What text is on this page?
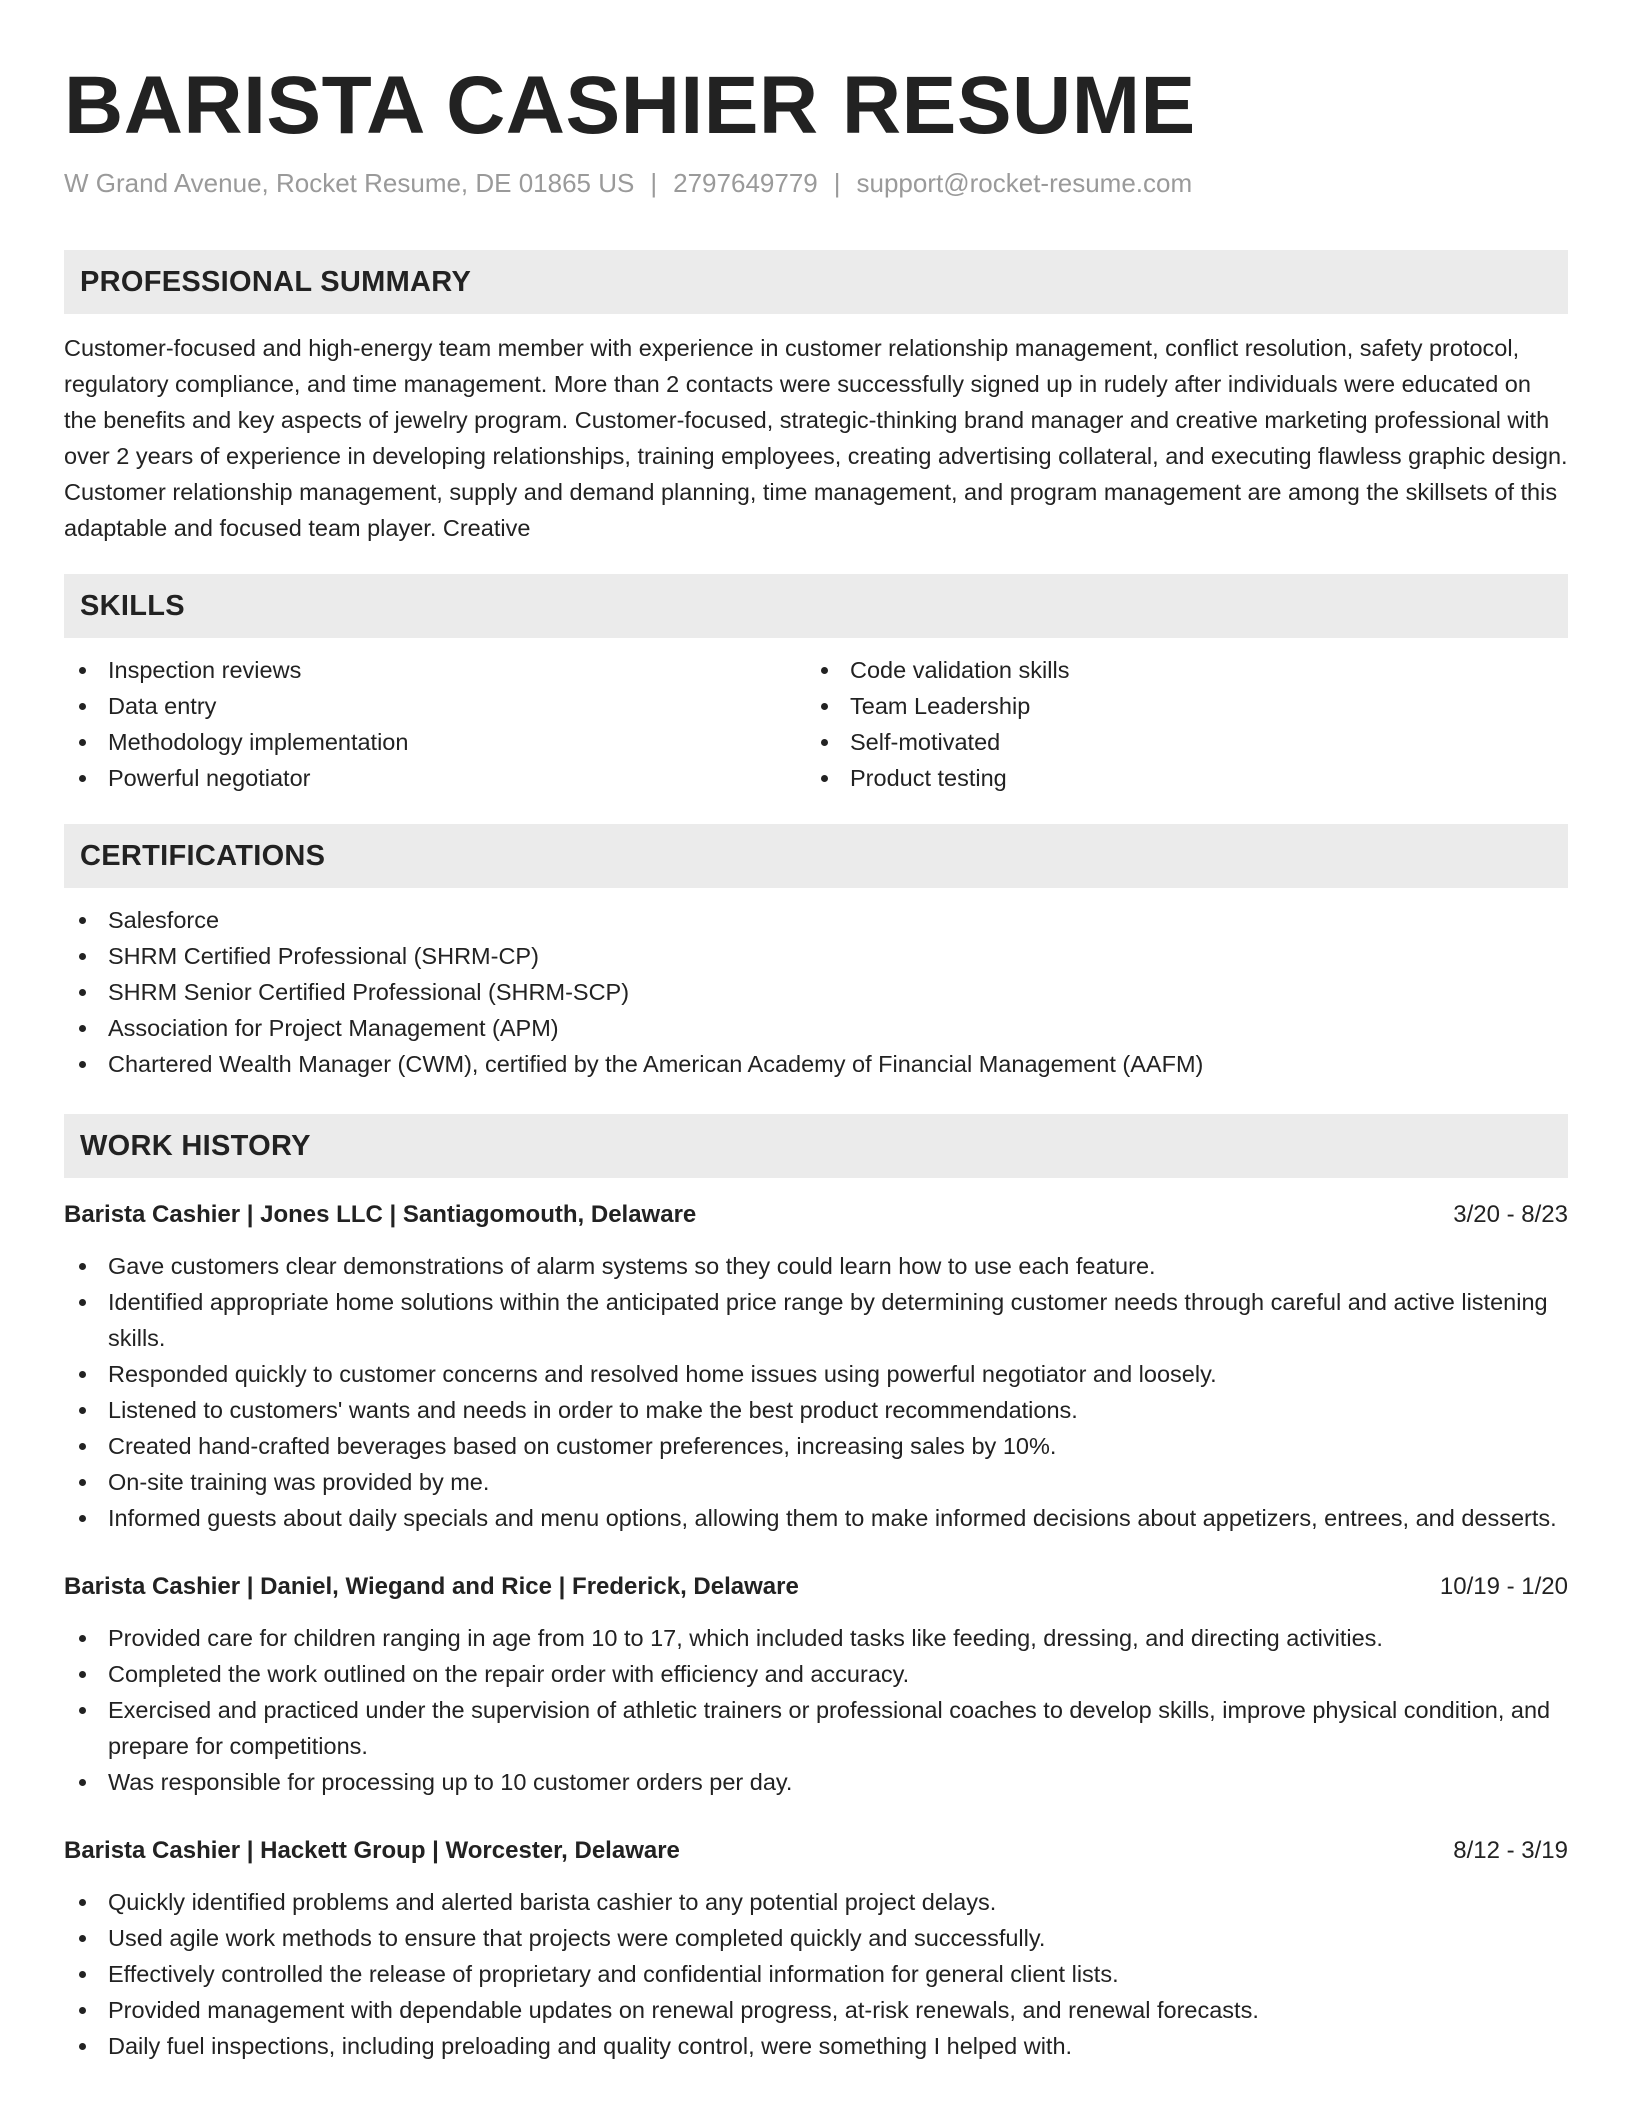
BARISTA CASHIER RESUME
W Grand Avenue, Rocket Resume, DE 01865 US | 2797649779 | support@rocket-resume.com
PROFESSIONAL SUMMARY

Customer-focused and high-energy team member with experience in customer relationship management, conflict resolution, safety protocol, regulatory compliance, and time management. More than 2 contacts were successfully signed up in rudely after individuals were educated on the benefits and key aspects of jewelry program. Customer-focused, strategic-thinking brand manager and creative marketing professional with over 2 years of experience in developing relationships, training employees, creating advertising collateral, and executing flawless graphic design. Customer relationship management, supply and demand planning, time management, and program management are among the skillsets of this adaptable and focused team player. Creative

SKILLS
Inspection reviews
Data entry
Methodology implementation
Powerful negotiator
Code validation skills
Team Leadership
Self-motivated
Product testing
CERTIFICATIONS
Salesforce
SHRM Certified Professional (SHRM-CP)
SHRM Senior Certified Professional (SHRM-SCP)
Association for Project Management (APM)
Chartered Wealth Manager (CWM), certified by the American Academy of Financial Management (AAFM)
WORK HISTORY
Barista Cashier | Jones LLC | Santiagomouth, Delaware	3/20 - 8/23
Gave customers clear demonstrations of alarm systems so they could learn how to use each feature.
Identified appropriate home solutions within the anticipated price range by determining customer needs through careful and active listening skills.
Responded quickly to customer concerns and resolved home issues using powerful negotiator and loosely.
Listened to customers' wants and needs in order to make the best product recommendations.
Created hand-crafted beverages based on customer preferences, increasing sales by 10%.
On-site training was provided by me.
Informed guests about daily specials and menu options, allowing them to make informed decisions about appetizers, entrees, and desserts.
Barista Cashier | Daniel, Wiegand and Rice | Frederick, Delaware	10/19 - 1/20
Provided care for children ranging in age from 10 to 17, which included tasks like feeding, dressing, and directing activities.
Completed the work outlined on the repair order with efficiency and accuracy.
Exercised and practiced under the supervision of athletic trainers or professional coaches to develop skills, improve physical condition, and prepare for competitions.
Was responsible for processing up to 10 customer orders per day.
Barista Cashier | Hackett Group | Worcester, Delaware	8/12 - 3/19
Quickly identified problems and alerted barista cashier to any potential project delays.
Used agile work methods to ensure that projects were completed quickly and successfully.
Effectively controlled the release of proprietary and confidential information for general client lists.
Provided management with dependable updates on renewal progress, at-risk renewals, and renewal forecasts.
Daily fuel inspections, including preloading and quality control, were something I helped with.
